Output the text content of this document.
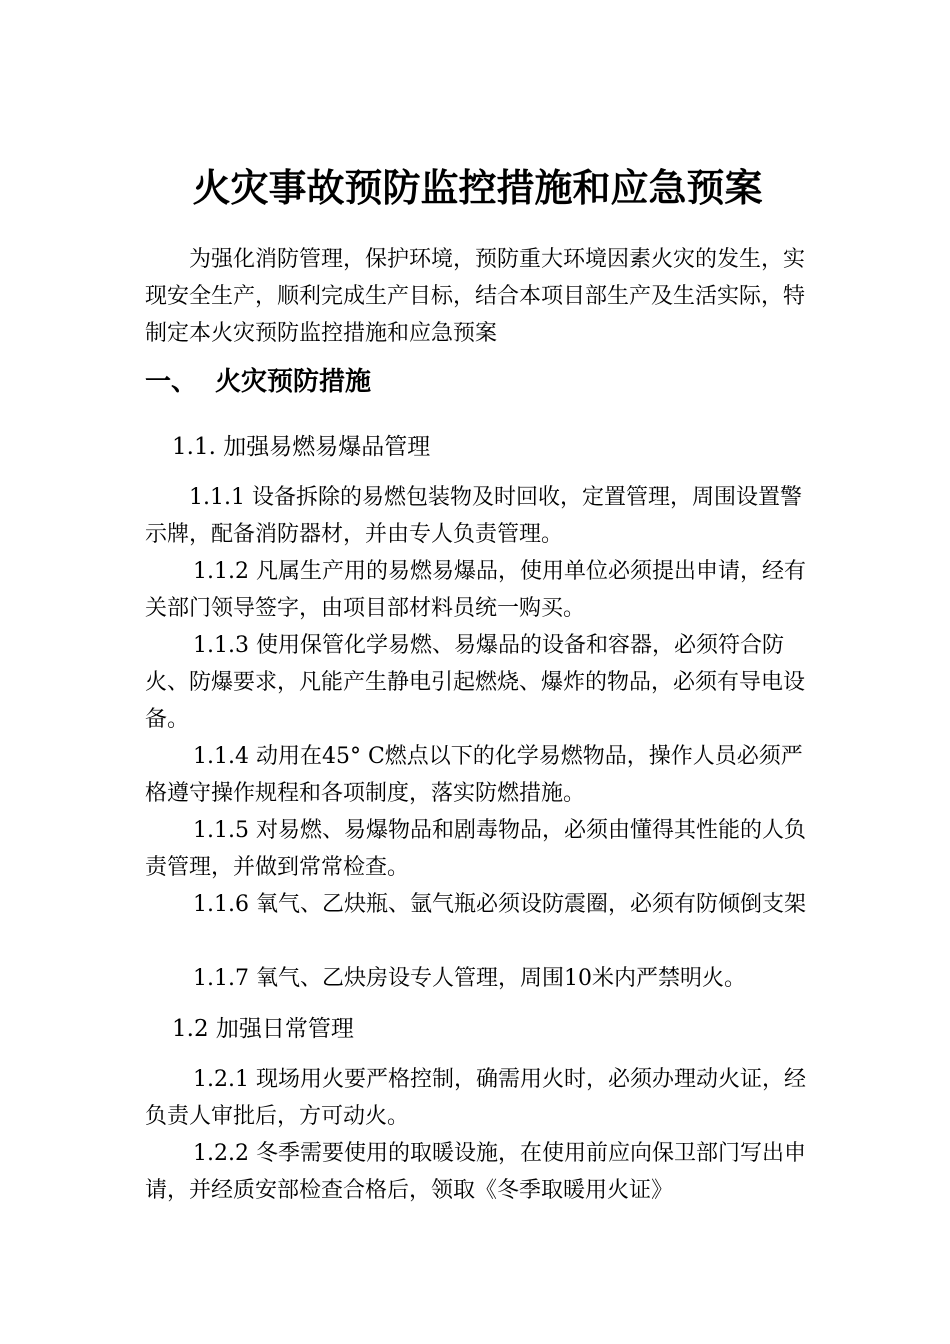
火灾事故预防监控措施和应急预案

为强化消防管理，保护环境，预防重大环境因素火灾的发生，实现安全生产，顺利完成生产目标，结合本项目部生产及生活实际，特制定本火灾预防监控措施和应急预案

一、 火灾预防措施

1.1. 加强易燃易爆品管理

1.1.1 设备拆除的易燃包装物及时回收，定置管理，周围设置警示牌，配备消防器材，并由专人负责管理。

1.1.2 凡属生产用的易燃易爆品，使用单位必须提出申请，经有关部门领导签字，由项目部材料员统一购买。

1.1.3 使用保管化学易燃、易爆品的设备和容器，必须符合防火、防爆要求，凡能产生静电引起燃烧、爆炸的物品，必须有导电设备。

1.1.4 动用在45° C燃点以下的化学易燃物品，操作人员必须严格遵守操作规程和各项制度，落实防燃措施。

1.1.5 对易燃、易爆物品和剧毒物品，必须由懂得其性能的人负责管理，并做到常常检查。

1.1.6 氧气、乙炔瓶、氩气瓶必须设防震圈，必须有防倾倒支架

1.1.7 氧气、乙炔房设专人管理，周围10米内严禁明火。

1.2 加强日常管理

1.2.1 现场用火要严格控制，确需用火时，必须办理动火证，经负责人审批后，方可动火。

1.2.2 冬季需要使用的取暖设施，在使用前应向保卫部门写出申请，并经质安部检查合格后，领取《冬季取暖用火证》
